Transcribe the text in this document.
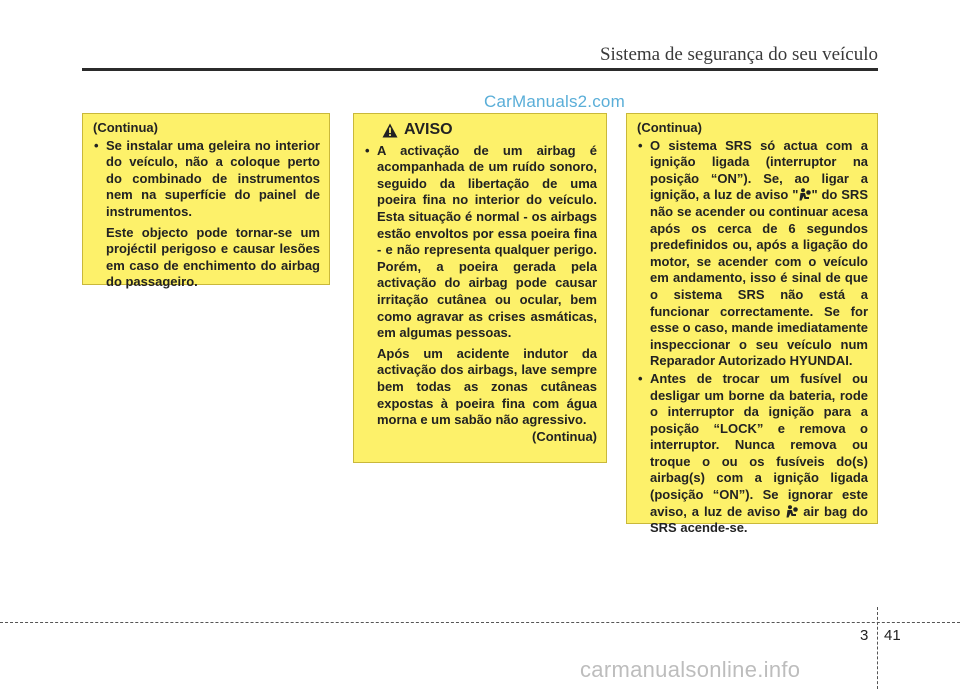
Sistema de segurança do seu veículo
CarManuals2.com
(Continua)
• Se instalar uma geleira no interior do veículo, não a coloque perto do combinado de instrumentos nem na superfície do painel de instrumentos.
Este objecto pode tornar-se um projéctil perigoso e causar lesões em caso de enchimento do airbag do passageiro.
AVISO
• A activação de um airbag é acompanhada de um ruído sonoro, seguido da libertação de uma poeira fina no interior do veículo. Esta situação é normal - os airbags estão envoltos por essa poeira fina - e não representa qualquer perigo. Porém, a poeira gerada pela activação do airbag pode causar irritação cutânea ou ocular, bem como agravar as crises asmáticas, em algumas pessoas.
Após um acidente indutor da activação dos airbags, lave sempre bem todas as zonas cutâneas expostas à poeira fina com água morna e um sabão não agressivo.
(Continua)
(Continua)
• O sistema SRS só actua com a ignição ligada (interruptor na posição “ON”). Se, ao ligar a ignição, a luz de aviso " " do SRS não se acender ou continuar acesa após os cerca de 6 segundos predefinidos ou, após a ligação do motor, se acender com o veículo em andamento, isso é sinal de que o sistema SRS não está a funcionar correctamente. Se for esse o caso, mande imediatamente inspeccionar o seu veículo num Reparador Autorizado HYUNDAI.
• Antes de trocar um fusível ou desligar um borne da bateria, rode o interruptor da ignição para a posição “LOCK” e remova o interruptor. Nunca remova ou troque o ou os fusíveis do(s) airbag(s) com a ignição ligada (posição “ON”). Se ignorar este aviso, a luz de aviso  air bag do SRS acende-se.
3 41
carmanualsonline.info
